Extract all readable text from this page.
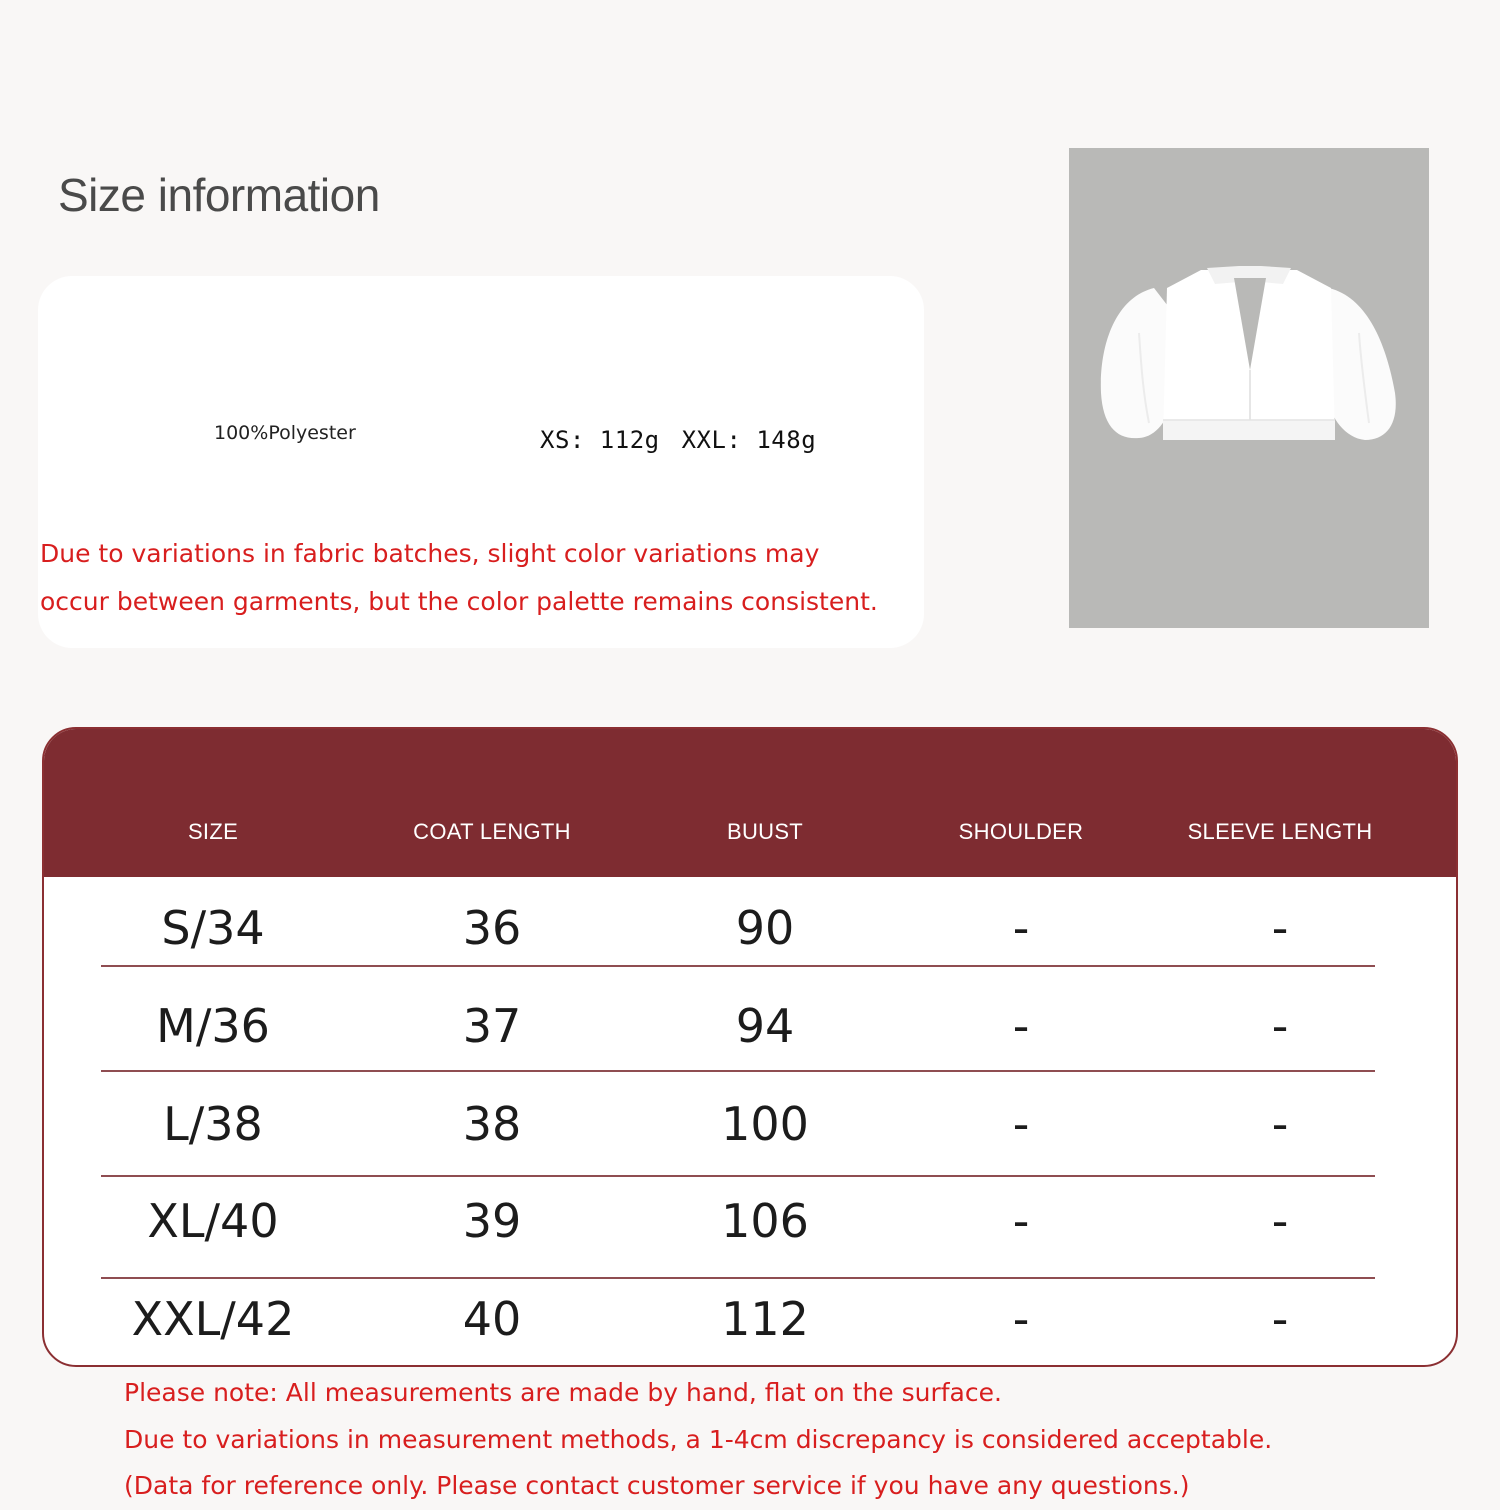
Size information
100%Polyester	XS: 112g XXL: 148g
Due to variations in fabric batches, slight color variations may
occur between garments, but the color palette remains consistent.
SIZE	COAT LENGTH	BUUST	SHOULDER	SLEEVE LENGTH
S/34	36	90	-	-
M/36	37	94	-	-
L/38	38	100	-	-
XL/40	39	106	-	-
XXL/42	40	112	-	-
Please note: All measurements are made by hand, flat on the surface.
Due to variations in measurement methods, a 1-4cm discrepancy is considered acceptable.
(Data for reference only. Please contact customer service if you have any questions.)
